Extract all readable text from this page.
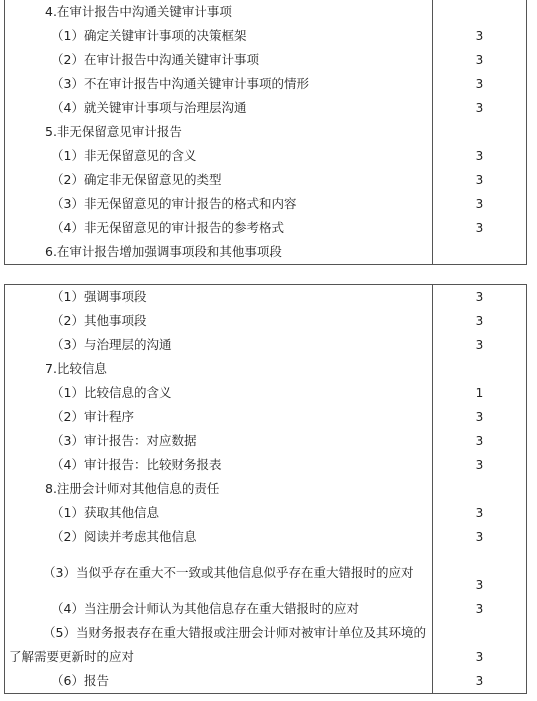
4.在审计报告中沟通关键审计事项	
（1）确定关键审计事项的决策框架	3
（2）在审计报告中沟通关键审计事项	3
（3）不在审计报告中沟通关键审计事项的情形	3
（4）就关键审计事项与治理层沟通	3
5.非无保留意见审计报告	
（1）非无保留意见的含义	3
（2）确定非无保留意见的类型	3
（3）非无保留意见的审计报告的格式和内容	3
（4）非无保留意见的审计报告的参考格式	3
6.在审计报告增加强调事项段和其他事项段	
（1）强调事项段	3
（2）其他事项段	3
（3）与治理层的沟通	3
7.比较信息	
（1）比较信息的含义	1
（2）审计程序	3
（3）审计报告：对应数据	3
（4）审计报告：比较财务报表	3
8.注册会计师对其他信息的责任	
（1）获取其他信息	3
（2）阅读并考虑其他信息	3
（3）当似乎存在重大不一致或其他信息似乎存在重大错报时的应对	3
（4）当注册会计师认为其他信息存在重大错报时的应对	3
（5）当财务报表存在重大错报或注册会计师对被审计单位及其环境的了解需要更新时的应对	3
（6）报告	3
